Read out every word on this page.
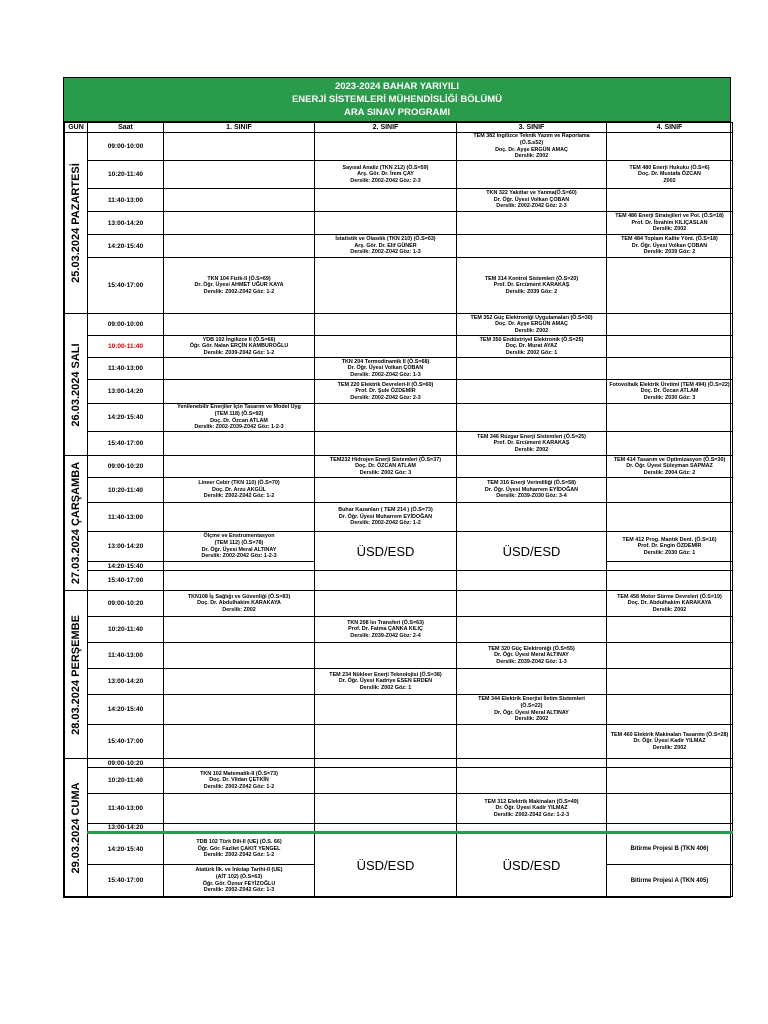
2023-2024 BAHAR YARIYILI
ENERJİ SİSTEMLERİ MÜHENDİSLİĞİ BÖLÜMÜ
ARA SINAV PROGRAMI
GUN	Saat	1. SINIF	2. SINIF	3. SINIF	4. SINIF

25.03.2024 PAZARTESİ	09:00-10:00			TEM 382 İngilizce Teknik Yazım ve Raporlama
(Ö.S.≤52)
Doç. Dr. Ayşe ERGÜN AMAÇ
Derslik: Z002	

	10:20-11:40		Sayısal Analiz (TKN 212) (Ö.S=59)
Arş. Gör. Dr. İrem ÇAY
Derslik: Z002-Z042 Göz: 2-3		TEM 480 Enerji Hukuku (Ö.S=6)
Doç. Dr. Mustafa ÖZCAN
Z002

	11:40-13:00			TKN 322 Yakıtlar ve Yanma(Ö.S=60)
Dr. Öğr. Üyesi Volkan ÇOBAN
Derslik: Z002-Z042 Göz: 2-3	

	13:00-14:20				TEM 486 Enerji Stratejileri ve Pol. (Ö.S=18)
Prof. Dr. İbrahim KILIÇASLAN
Derslik: Z002

	14:20-15:40		İstatistik ve Olasılık (TKN 210) (Ö.S=63)
Arş. Gör. Dr. Elif GÜNER
Derslik: Z002-Z042 Göz: 1-3		TEM 484 Toplam Kalite Yönt. (Ö.S=18)
Dr. Öğr. Üyesi Volkan ÇOBAN
Derslik: Z039 Göz: 2

	15:40-17:00	TKN 104 Fizik-II (Ö.S=69)
Dr. Öğr. Üyesi AHMET UĞUR KAYA
Derslik: Z002-Z042 Göz: 1-2		TEM 314 Kontrol Sistemleri (Ö.S=20)
Prof. Dr. Ercüment KARAKAŞ
Derslik: Z039 Göz: 2	

26.03.2024 SALI	09:00-10:00			TEM 352 Güç Elektroniği Uygulamaları (Ö.S=30)
Doç. Dr. Ayşe ERGÜN AMAÇ
Derslik: Z002	

	10:00-11:40	YDB 102 İngilizce II (Ö.S=66)
Öğr. Gör. Nalan ERÇİN KAMBUROĞLU
Derslik: Z039-Z042 Göz: 1-2		TEM 350 Endüstriyel Elektronik (Ö.S=25)
Doç. Dr. Murat AYAZ
Derslik: Z002 Göz: 1	

	11:40-13:00		TKN 204 Termodinamik II (Ö.S=68)
Dr. Öğr. Üyesi Volkan ÇOBAN
Derslik: Z002-Z042 Göz: 1-3		

	13:00-14:20		TEM 220 Elektrik Devreleri-II (Ö.S=60)
Prof. Dr. Şule ÖZDEMİR
Derslik: Z002-Z042 Göz: 2-3		Fotovoltaik Elektrik Üretimi (TEM 494) (Ö.S=22)
Doç. Dr. Özcan ATLAM
Derslik: Z030 Göz: 3

	14:20-15:40	Yenilenebilir Enerjiler İçin Tasarım ve Model Uyg
(TEM 118) (Ö.S=92)
Doç. Dr. Özcan ATLAM
Derslik: Z002-Z039-Z042 Göz: 1-2-3			

	15:40-17:00			TEM 346 Rüzgar Enerji Sistemleri (Ö.S=25)
Prof. Dr. Ercüment KARAKAŞ
Derslik: Z002	

27.03.2024 ÇARŞAMBA	09:00-10:20		TEM232 Hidrojen Enerji Sistemleri (Ö.S=37)
Doç. Dr. ÖZCAN ATLAM
Derslik: Z002 Göz: 3		TEM 414 Tasarım ve Optimizasyon (Ö.S=30)
Dr. Öğr. Üyesi Süleyman SAPMAZ
Derslik: Z004 Göz: 2

	10:20-11:40	Lineer Cebir (TKN 110) (Ö.S=70)
Doç. Dr. Arzu AKGÜL
Derslik: Z002-Z042 Göz: 1-2		TEM 316 Enerji Verimliliği (Ö.S=58)
Dr. Öğr. Üyesi Muharrem EYİDOĞAN
Derslik: Z039-Z030 Göz: 3-4	

	11:40-13:00		Buhar Kazanları ( TEM 214 ) (Ö.S=73)
Dr. Öğr. Üyesi Muharrem EYİDOĞAN
Derslik: Z002-Z042 Göz: 1-2		

	13:00-14:20	Ölçme ve Enstrumentasyon
(TEM 112) (Ö.S=78)
Dr. Öğr. Üyesi Meral ALTINAY
Derslik: Z002-Z042 Göz: 1-2-3	ÜSD/ESD	ÜSD/ESD	TEM 412 Prog. Mantık Dent. (Ö.S=16)
Prof. Dr. Engin ÖZDEMİR
Derslik: Z030 Göz: 1

	14:20-15:40				
	15:40-17:00				

28.03.2024 PERŞEMBE	09:00-10:20	TKN108 İş Sağlığı ve Güvenliği (Ö.S=83)
Doç. Dr. Abdulhakim KARAKAYA
Derslik: Z002			TEM 458 Motor Sürme Devreleri (Ö.S=19)
Doç. Dr. Abdulhakim KARAKAYA
Derslik: Z002

	10:20-11:40		TKN 208 Isı Transferi (Ö.S=63)
Prof. Dr. Fatma ÇANKA KILIÇ
Derslik: Z039-Z042 Göz: 2-4		

	11:40-13:00			TEM 320 Güç Elektroniği (Ö.S=55)
Dr. Öğr. Üyesi Meral ALTINAY
Derslik: Z039-Z042 Göz: 1-3	

	13:00-14:20		TEM 234 Nükleer Enerji Teknolojisi (Ö.S=38)
Dr. Öğr. Üyesi Kadriye ESEN ERDEN
Derslik: Z002 Göz: 1		

	14:20-15:40			TEM 344 Elektrik Enerjisi İletim Sistemleri
(Ö.S=22)
Dr. Öğr. Üyesi Meral ALTINAY
Derslik: Z002	

	15:40-17:00				TEM 460 Elektrik Makinaları Tasarımı (Ö.S=28)
Dr. Öğr. Üyesi Kadir YILMAZ
Derslik: Z002

29.03.2024 CUMA	09:00-10:20				
	10:20-11:40	TKN 102 Matematik-II (Ö.S=73)
Doç. Dr. Vildan ÇETKİN
Derslik: Z002-Z042 Göz: 1-2			

	11:40-13:00			TEM 312 Elektrik Makinaları (Ö.S=49)
Dr. Öğr. Üyesi Kadir YILMAZ
Derslik: Z002-Z042 Göz: 1-2-3	

	13:00-14:20				
	14:20-15:40	TDB 102 Türk Dili-II (UE) (Ö.S. 66)
Öğr. Gör. Fazilet ÇAKIT YENGEL
Derslik: Z002-Z042 Göz: 1-2	ÜSD/ESD	ÜSD/ESD	Bitirme Projesi B (TKN 406)
	15:40-17:00	Atatürk İlk. ve İnkılap Tarihi-II (UE)
(AİT 102) (Ö.S=63)
Öğr. Gör. Öznur FEYİZOĞLU
Derslik: Z002-Z042 Göz: 1-3			Bitirme Projesi A (TKN 405)
